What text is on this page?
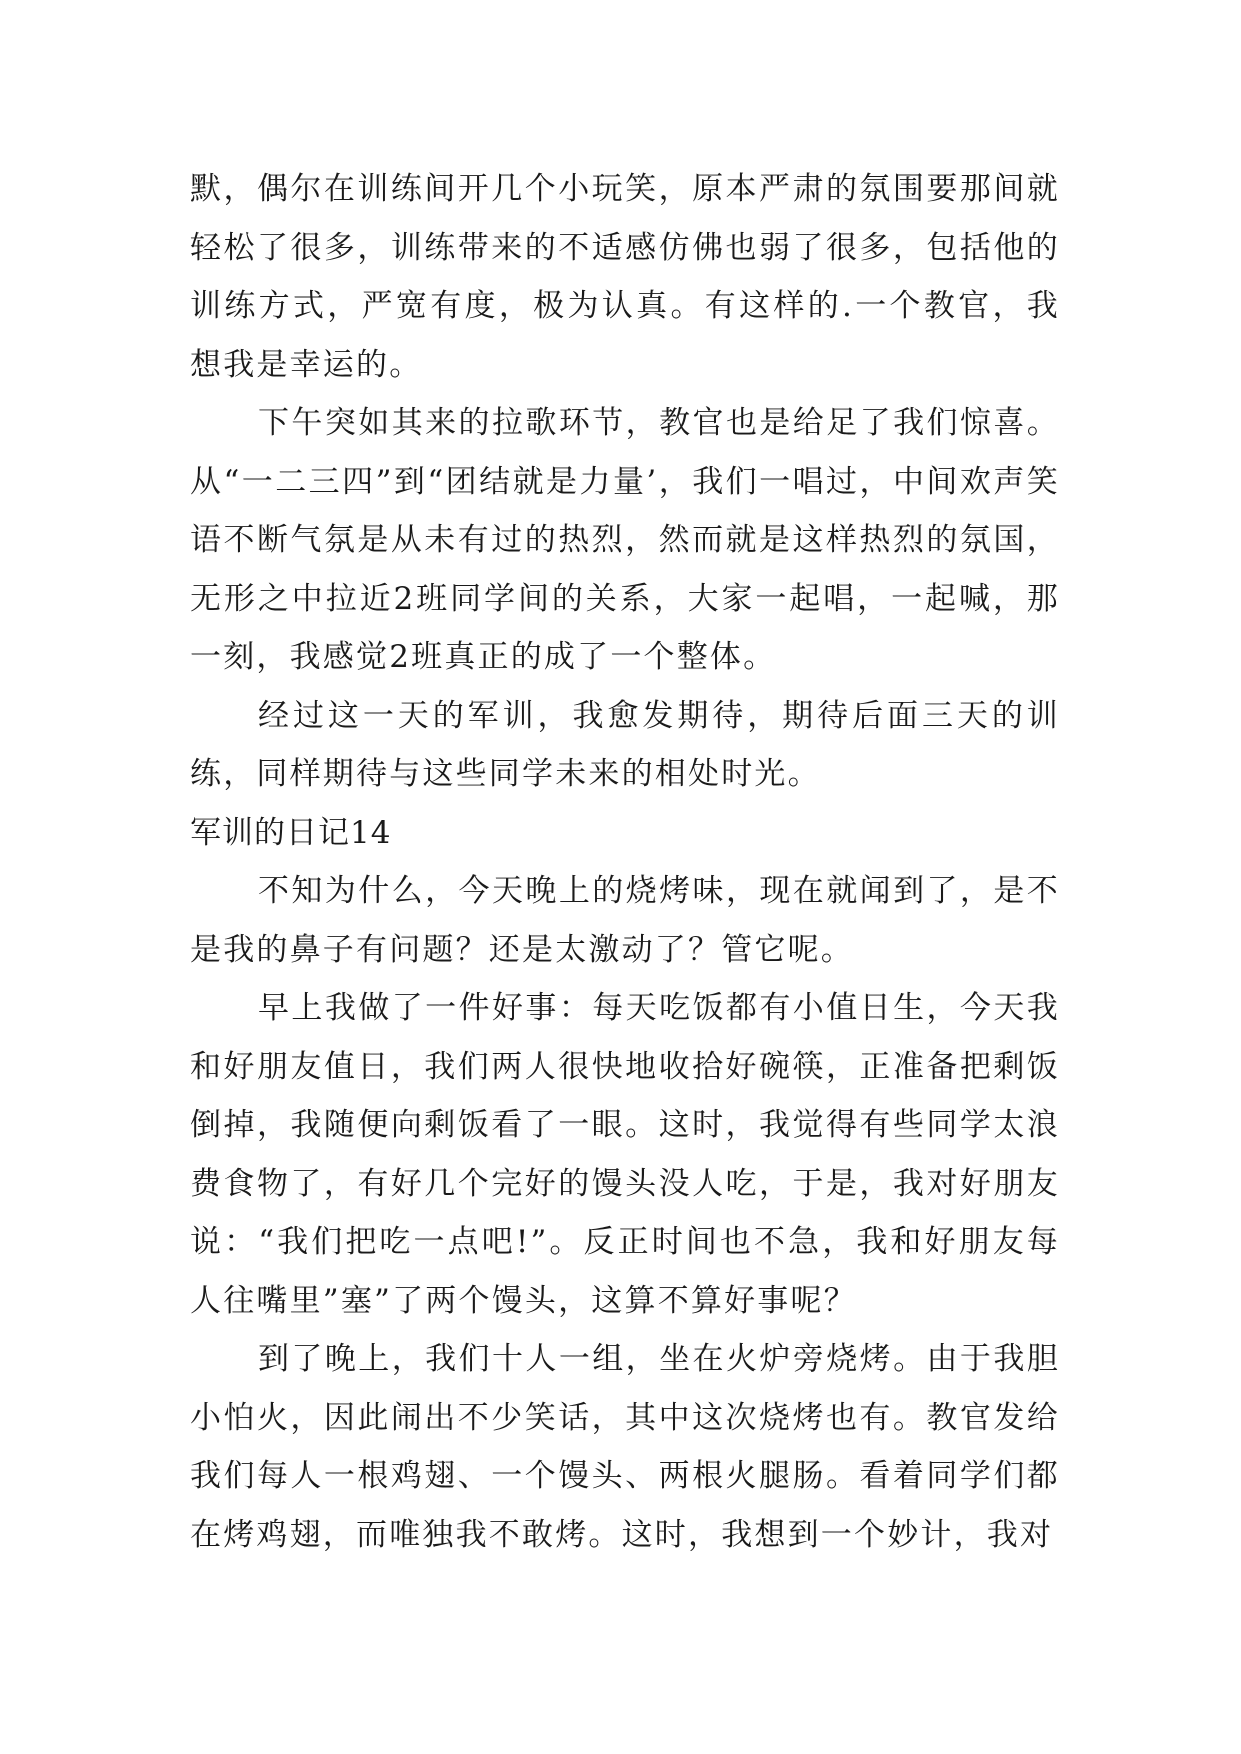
默，偶尔在训练间开几个小玩笑，原本严肃的氛围要那间就轻松了很多，训练带来的不适感仿佛也弱了很多，包括他的训练方式，严宽有度，极为认真。有这样的.一个教官，我想我是幸运的。

下午突如其来的拉歌环节，教官也是给足了我们惊喜。从“一二三四”到“团结就是力量’，我们一唱过，中间欢声笑语不断气氛是从未有过的热烈，然而就是这样热烈的氛国，无形之中拉近2班同学间的关系，大家一起唱，一起喊，那一刻，我感觉2班真正的成了一个整体。

经过这一天的军训，我愈发期待，期待后面三天的训练，同样期待与这些同学未来的相处时光。

军训的日记14

不知为什么，今天晚上的烧烤味，现在就闻到了，是不是我的鼻子有问题？还是太激动了？管它呢。

早上我做了一件好事：每天吃饭都有小值日生，今天我和好朋友值日，我们两人很快地收拾好碗筷，正准备把剩饭倒掉，我随便向剩饭看了一眼。这时，我觉得有些同学太浪费食物了，有好几个完好的馒头没人吃，于是，我对好朋友说：“我们把吃一点吧!”。反正时间也不急，我和好朋友每人往嘴里”塞”了两个馒头，这算不算好事呢？

到了晚上，我们十人一组，坐在火炉旁烧烤。由于我胆小怕火，因此闹出不少笑话，其中这次烧烤也有。教官发给我们每人一根鸡翅、一个馒头、两根火腿肠。看着同学们都在烤鸡翅，而唯独我不敢烤。这时，我想到一个妙计，我对
